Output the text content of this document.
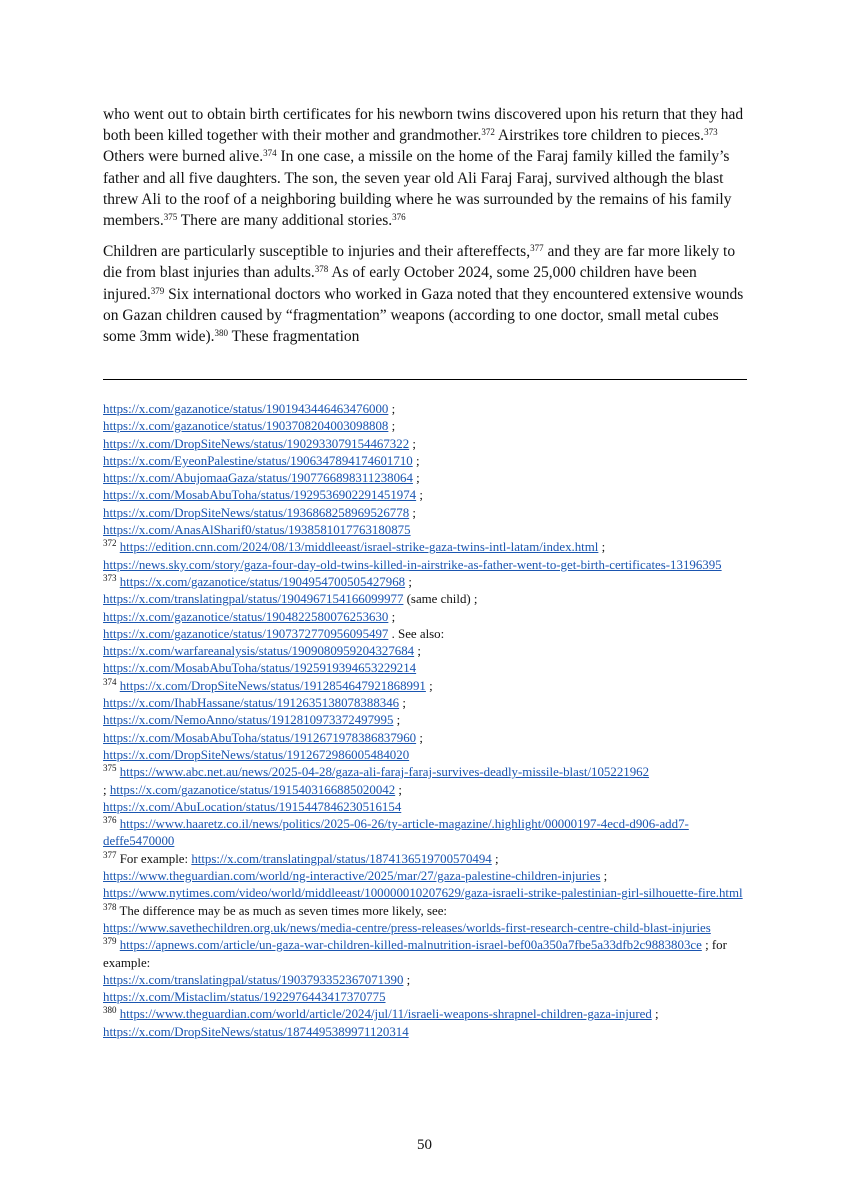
who went out to obtain birth certificates for his newborn twins discovered upon his return that they had both been killed together with their mother and grandmother.$^{372}$ Airstrikes tore children to pieces.$^{373}$ Others were burned alive.$^{374}$ In one case, a missile on the home of the Faraj family killed the family’s father and all five daughters. The son, the seven year old Ali Faraj Faraj, survived although the blast threw Ali to the roof of a neighboring building where he was surrounded by the remains of his family members.$^{375}$ There are many additional stories.$^{376}$

Children are particularly susceptible to injuries and their aftereffects,$^{377}$ and they are far more likely to die from blast injuries than adults.$^{378}$ As of early October 2024, some 25,000 children have been injured.$^{379}$ Six international doctors who worked in Gaza noted that they encountered extensive wounds on Gazan children caused by “fragmentation” weapons (according to one doctor, small metal cubes some 3mm wide).$^{380}$ These fragmentation

https://x.com/gazanotice/status/1901943446463476000 ;
https://x.com/gazanotice/status/1903708204003098808 ;
https://x.com/DropSiteNews/status/1902933079154467322 ;
https://x.com/EyeonPalestine/status/1906347894174601710 ;
https://x.com/AbujomaaGaza/status/1907766898311238064 ;
https://x.com/MosabAbuToha/status/1929536902291451974 ;
https://x.com/DropSiteNews/status/1936868258969526778 ;
https://x.com/AnasAlSharif0/status/1938581017763180875
$^{372}$ https://edition.cnn.com/2024/08/13/middleeast/israel-strike-gaza-twins-intl-latam/index.html ;
https://news.sky.com/story/gaza-four-day-old-twins-killed-in-airstrike-as-father-went-to-get-birth-certificates-13196395
$^{373}$ https://x.com/gazanotice/status/1904954700505427968 ;
https://x.com/translatingpal/status/1904967154166099977 (same child) ;
https://x.com/gazanotice/status/1904822580076253630 ;
https://x.com/gazanotice/status/1907372770956095497 . See also:
https://x.com/warfareanalysis/status/1909080959204327684 ;
https://x.com/MosabAbuToha/status/1925919394653229214
$^{374}$ https://x.com/DropSiteNews/status/1912854647921868991 ;
https://x.com/IhabHassane/status/1912635138078388346 ;
https://x.com/NemoAnno/status/1912810973372497995 ;
https://x.com/MosabAbuToha/status/1912671978386837960 ;
https://x.com/DropSiteNews/status/1912672986005484020
$^{375}$ https://www.abc.net.au/news/2025-04-28/gaza-ali-faraj-faraj-survives-deadly-missile-blast/105221962
; https://x.com/gazanotice/status/1915403166885020042 ;
https://x.com/AbuLocation/status/1915447846230516154
$^{376}$ https://www.haaretz.co.il/news/politics/2025-06-26/ty-article-magazine/.highlight/00000197-4ecd-d906-add7-deffe5470000
$^{377}$ For example: https://x.com/translatingpal/status/1874136519700570494 ;
https://www.theguardian.com/world/ng-interactive/2025/mar/27/gaza-palestine-children-injuries ;
https://www.nytimes.com/video/world/middleeast/100000010207629/gaza-israeli-strike-palestinian-girl-silhouette-fire.html
$^{378}$ The difference may be as much as seven times more likely, see:
https://www.savethechildren.org.uk/news/media-centre/press-releases/worlds-first-research-centre-child-blast-injuries
$^{379}$ https://apnews.com/article/un-gaza-war-children-killed-malnutrition-israel-bef00a350a7fbe5a33dfb2c9883803ce ; for example:
https://x.com/translatingpal/status/1903793352367071390 ;
https://x.com/Mistaclim/status/1922976443417370775
$^{380}$ https://www.theguardian.com/world/article/2024/jul/11/israeli-weapons-shrapnel-children-gaza-injured ; https://x.com/DropSiteNews/status/1874495389971120314
50
